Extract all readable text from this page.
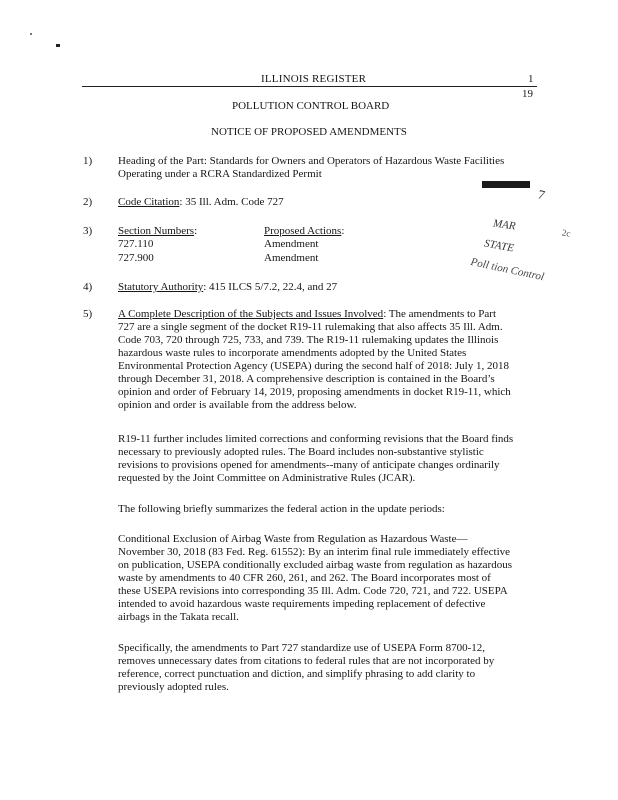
ILLINOIS REGISTER	1
19
POLLUTION CONTROL BOARD
NOTICE OF PROPOSED AMENDMENTS
1) Heading of the Part: Standards for Owners and Operators of Hazardous Waste Facilities
Operating under a RCRA Standardized Permit
2) Code Citation: 35 Ill. Adm. Code 727
3) Section Numbers:	Proposed Actions:
727.110	Amendment
727.900	Amendment
7
MAR
2c
STATE
Poll tion Control
4) Statutory Authority: 415 ILCS 5/7.2, 22.4, and 27
5) A Complete Description of the Subjects and Issues Involved: The amendments to Part
727 are a single segment of the docket R19-11 rulemaking that also affects 35 Ill. Adm.
Code 703, 720 through 725, 733, and 739. The R19-11 rulemaking updates the Illinois
hazardous waste rules to incorporate amendments adopted by the United States
Environmental Protection Agency (USEPA) during the second half of 2018: July 1, 2018
through December 31, 2018. A comprehensive description is contained in the Board’s
opinion and order of February 14, 2019, proposing amendments in docket R19-11, which
opinion and order is available from the address below.
R19-11 further includes limited corrections and conforming revisions that the Board finds
necessary to previously adopted rules. The Board includes non-substantive stylistic
revisions to provisions opened for amendments--many of anticipate changes ordinarily
requested by the Joint Committee on Administrative Rules (JCAR).
The following briefly summarizes the federal action in the update periods:
Conditional Exclusion of Airbag Waste from Regulation as Hazardous Waste—
November 30, 2018 (83 Fed. Reg. 61552): By an interim final rule immediately effective
on publication, USEPA conditionally excluded airbag waste from regulation as hazardous
waste by amendments to 40 CFR 260, 261, and 262. The Board incorporates most of
these USEPA revisions into corresponding 35 Ill. Adm. Code 720, 721, and 722. USEPA
intended to avoid hazardous waste requirements impeding replacement of defective
airbags in the Takata recall.
Specifically, the amendments to Part 727 standardize use of USEPA Form 8700-12,
removes unnecessary dates from citations to federal rules that are not incorporated by
reference, correct punctuation and diction, and simplify phrasing to add clarity to
previously adopted rules.
